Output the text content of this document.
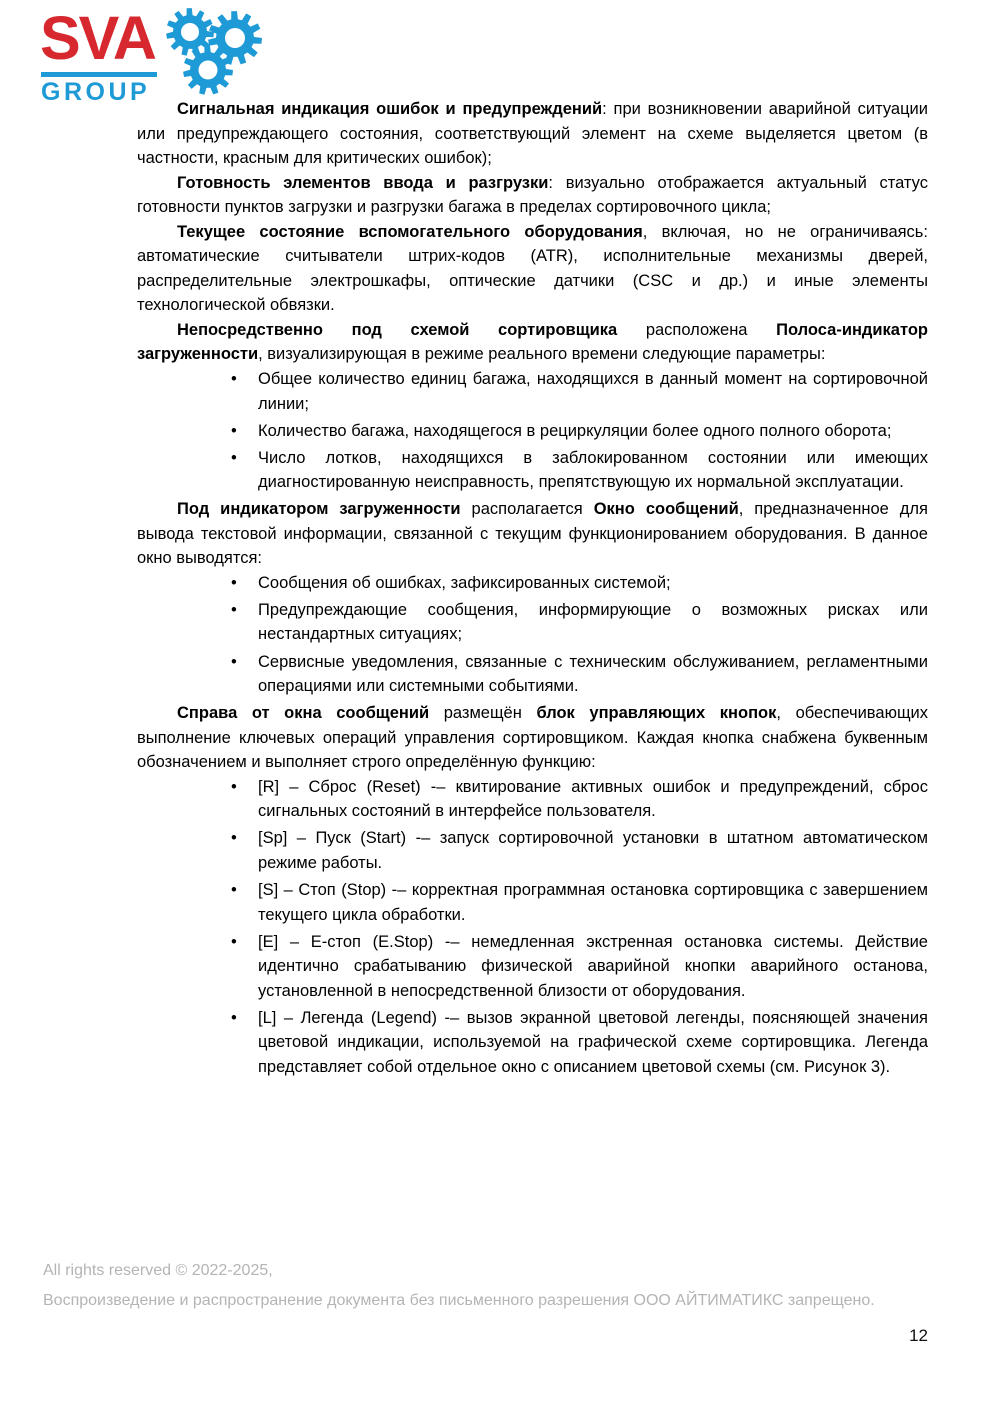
SVA
GROUP

Сигнальная индикация ошибок и предупреждений: при возникновении аварийной ситуации или предупреждающего состояния, соответствующий элемент на схеме выделяется цветом (в частности, красным для критических ошибок);

Готовность элементов ввода и разгрузки: визуально отображается актуальный статус готовности пунктов загрузки и разгрузки багажа в пределах сортировочного цикла;

Текущее состояние вспомогательного оборудования, включая, но не ограничиваясь: автоматические считыватели штрих-кодов (ATR), исполнительные механизмы дверей, распределительные электрошкафы, оптические датчики (CSC и др.) и иные элементы технологической обвязки.

Непосредственно под схемой сортировщика расположена Полоса-индикатор загруженности, визуализирующая в режиме реального времени следующие параметры:

• Общее количество единиц багажа, находящихся в данный момент на сортировочной линии;
• Количество багажа, находящегося в рециркуляции более одного полного оборота;
• Число лотков, находящихся в заблокированном состоянии или имеющих диагностированную неисправность, препятствующую их нормальной эксплуатации.

Под индикатором загруженности располагается Окно сообщений, предназначенное для вывода текстовой информации, связанной с текущим функционированием оборудования. В данное окно выводятся:

• Сообщения об ошибках, зафиксированных системой;
• Предупреждающие сообщения, информирующие о возможных рисках или нестандартных ситуациях;
• Сервисные уведомления, связанные с техническим обслуживанием, регламентными операциями или системными событиями.

Справа от окна сообщений размещён блок управляющих кнопок, обеспечивающих выполнение ключевых операций управления сортировщиком. Каждая кнопка снабжена буквенным обозначением и выполняет строго определённую функцию:

• [R] – Сброс (Reset) -– квитирование активных ошибок и предупреждений, сброс сигнальных состояний в интерфейсе пользователя.
• [Sp] – Пуск (Start) -– запуск сортировочной установки в штатном автоматическом режиме работы.
• [S] – Стоп (Stop) -– корректная программная остановка сортировщика с завершением текущего цикла обработки.
• [E] – Е-стоп (E.Stop) -– немедленная экстренная остановка системы. Действие идентично срабатыванию физической аварийной кнопки аварийного останова, установленной в непосредственной близости от оборудования.
• [L] – Легенда (Legend) -– вызов экранной цветовой легенды, поясняющей значения цветовой индикации, используемой на графической схеме сортировщика. Легенда представляет собой отдельное окно с описанием цветовой схемы (см. Рисунок 3).
All rights reserved © 2022-2025,
Воспроизведение и распространение документа без письменного разрешения ООО АЙТИМАТИКС запрещено.
12
